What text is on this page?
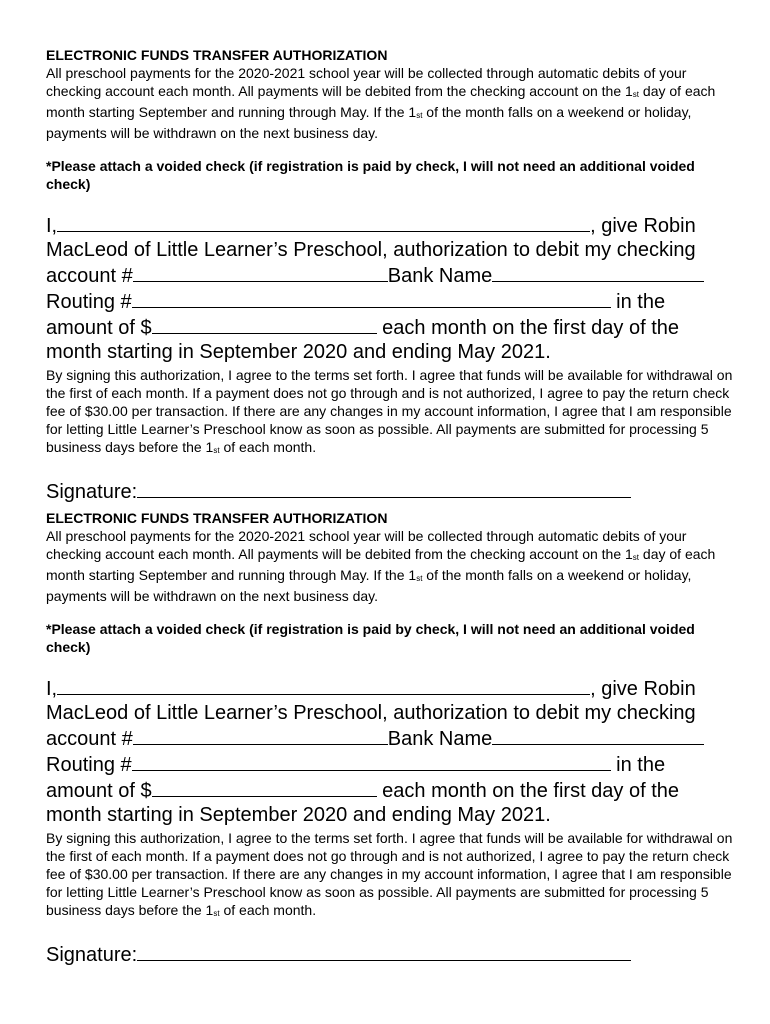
ELECTRONIC FUNDS TRANSFER AUTHORIZATION
All preschool payments for the 2020-2021 school year will be collected through automatic debits of your checking account each month. All payments will be debited from the checking account on the 1st day of each month starting September and running through May. If the 1st of the month falls on a weekend or holiday, payments will be withdrawn on the next business day.
*Please attach a voided check (if registration is paid by check, I will not need an additional voided check)
I,	, give Robin
MacLeod of Little Learner’s Preschool, authorization to debit my checking
account #	Bank Name
Routing #	in the
amount of $	each month on the first day of the
month starting in September 2020 and ending May 2021.
By signing this authorization, I agree to the terms set forth. I agree that funds will be available for withdrawal on the first of each month. If a payment does not go through and is not authorized, I agree to pay the return check fee of $30.00 per transaction. If there are any changes in my account information, I agree that I am responsible for letting Little Learner’s Preschool know as soon as possible. All payments are submitted for processing 5 business days before the 1st of each month.
Signature:
ELECTRONIC FUNDS TRANSFER AUTHORIZATION
All preschool payments for the 2020-2021 school year will be collected through automatic debits of your checking account each month. All payments will be debited from the checking account on the 1st day of each month starting September and running through May. If the 1st of the month falls on a weekend or holiday, payments will be withdrawn on the next business day.
*Please attach a voided check (if registration is paid by check, I will not need an additional voided check)
I,	, give Robin
MacLeod of Little Learner’s Preschool, authorization to debit my checking
account #	Bank Name
Routing #	in the
amount of $	each month on the first day of the
month starting in September 2020 and ending May 2021.
By signing this authorization, I agree to the terms set forth. I agree that funds will be available for withdrawal on the first of each month. If a payment does not go through and is not authorized, I agree to pay the return check fee of $30.00 per transaction. If there are any changes in my account information, I agree that I am responsible for letting Little Learner’s Preschool know as soon as possible. All payments are submitted for processing 5 business days before the 1st of each month.
Signature:
